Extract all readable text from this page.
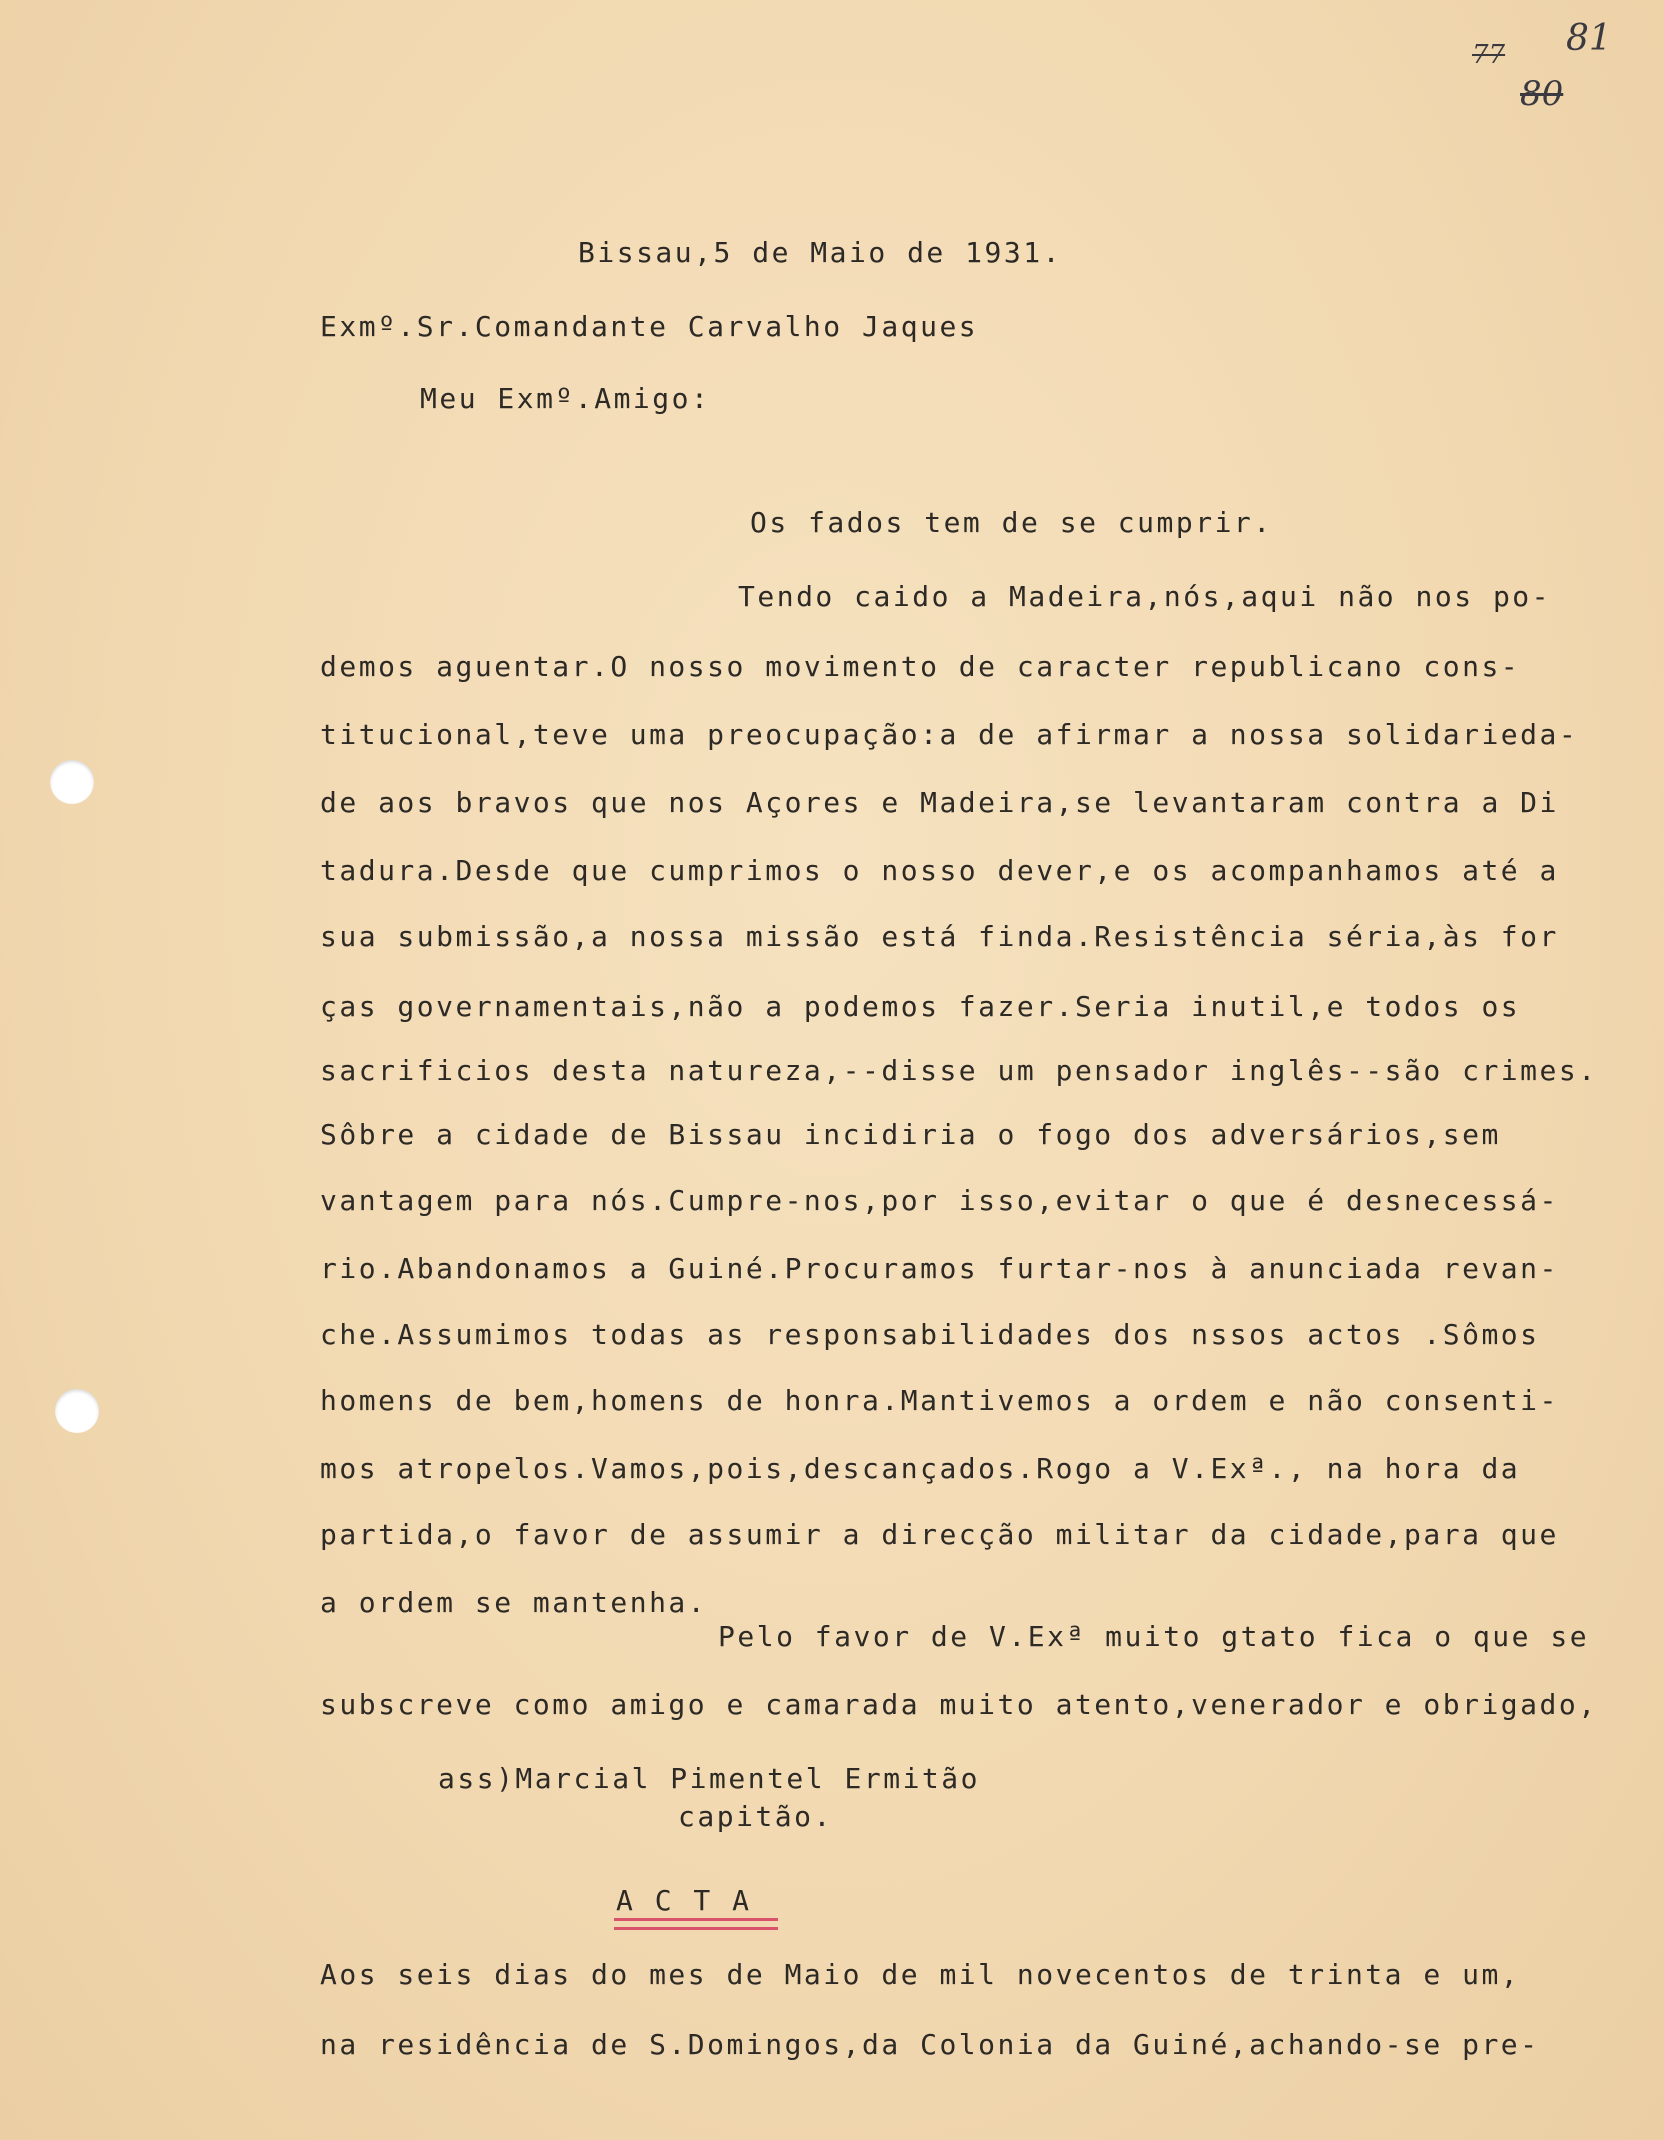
77 81
80
Bissau,5 de Maio de 1931.
Exmº.Sr.Comandante Carvalho Jaques
Meu Exmº.Amigo:
Os fados tem de se cumprir.
Tendo caido a Madeira,nós,aqui não nos po-
demos aguentar.O nosso movimento de caracter republicano cons-
titucional,teve uma preocupação:a de afirmar a nossa solidarieda-
de aos bravos que nos Açores e Madeira,se levantaram contra a Di
tadura.Desde que cumprimos o nosso dever,e os acompanhamos até a
sua submissão,a nossa missão está finda.Resistência séria,às for
ças governamentais,não a podemos fazer.Seria inutil,e todos os
sacrificios desta natureza,--disse um pensador inglês--são crimes.
Sôbre a cidade de Bissau incidiria o fogo dos adversários,sem
vantagem para nós.Cumpre-nos,por isso,evitar o que é desnecessá-
rio.Abandonamos a Guiné.Procuramos furtar-nos à anunciada revan-
che.Assumimos todas as responsabilidades dos nssos actos .Sômos
homens de bem,homens de honra.Mantivemos a ordem e não consenti-
mos atropelos.Vamos,pois,descançados.Rogo a V.Exª., na hora da
partida,o favor de assumir a direcção militar da cidade,para que
a ordem se mantenha.
Pelo favor de V.Exª muito gtato fica o que se
subscreve como amigo e camarada muito atento,venerador e obrigado,
ass)Marcial Pimentel Ermitão
capitão.
A C T A
Aos seis dias do mes de Maio de mil novecentos de trinta e um,
na residência de S.Domingos,da Colonia da Guiné,achando-se pre-
